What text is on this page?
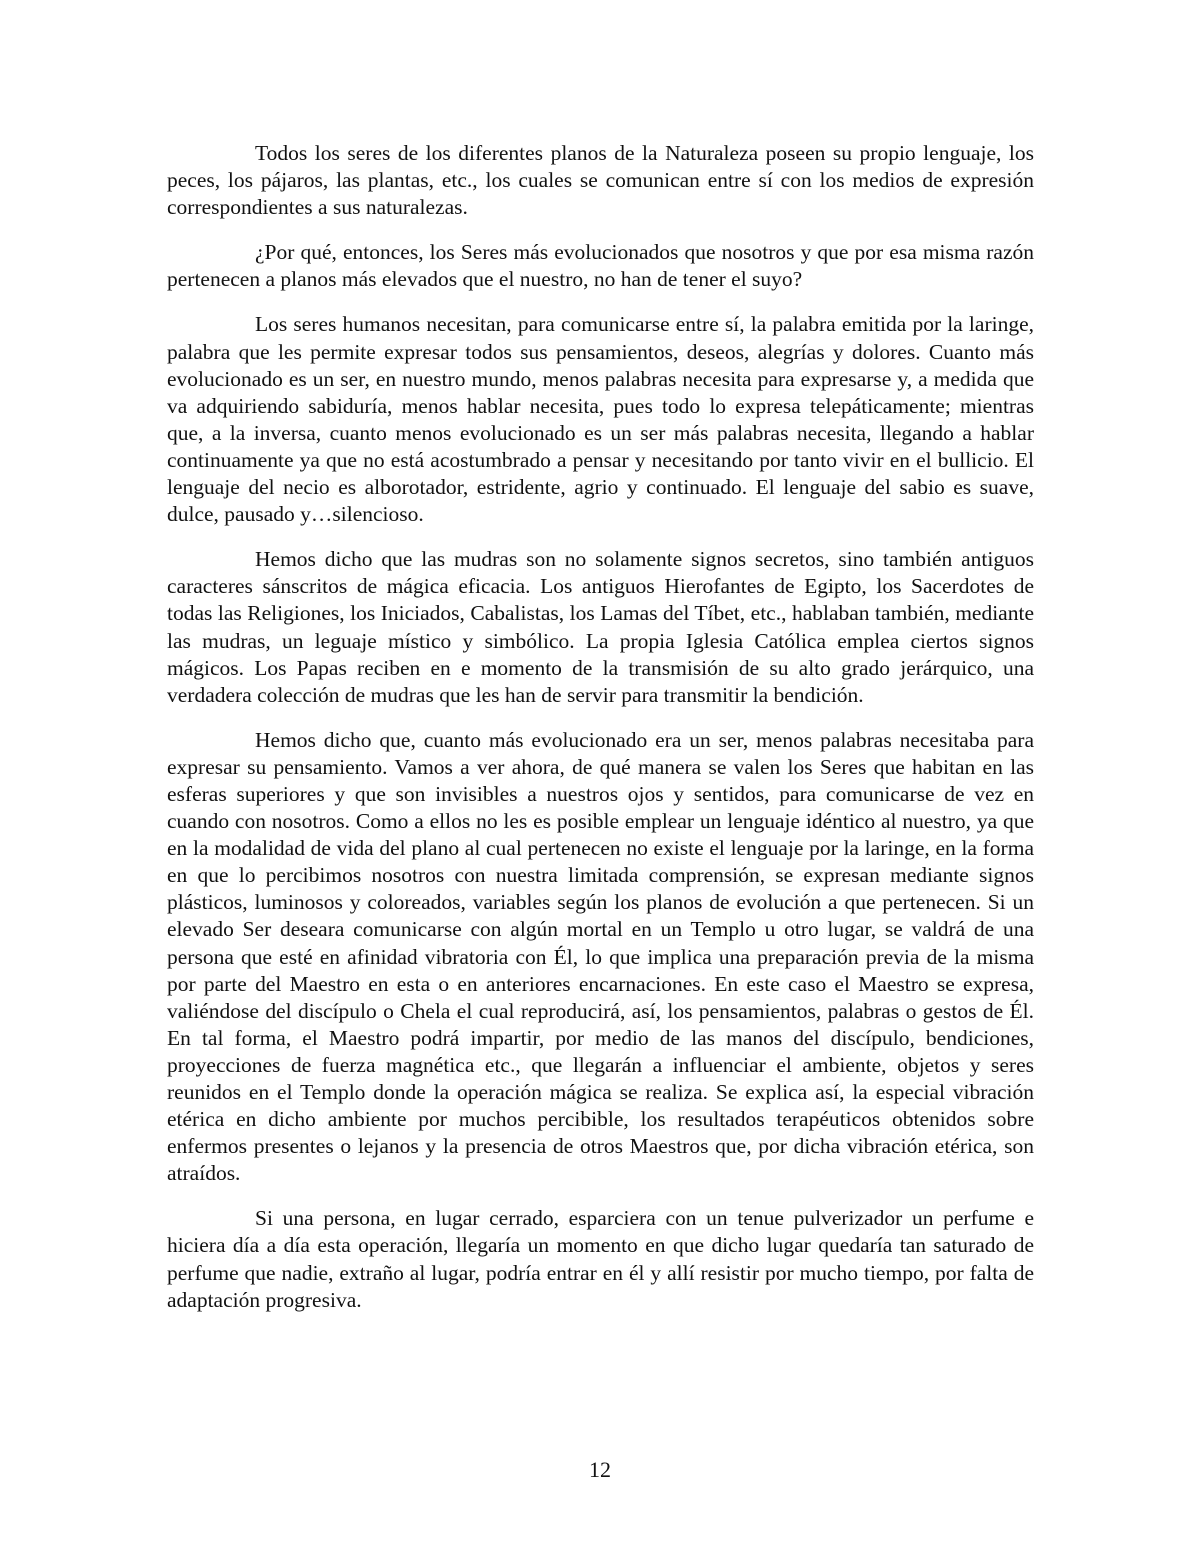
Todos los seres de los diferentes planos de la Naturaleza poseen su propio lenguaje, los peces, los pájaros, las plantas, etc., los cuales se comunican entre sí con los medios de expresión correspondientes a sus naturalezas.

¿Por qué, entonces, los Seres más evolucionados que nosotros y que por esa misma razón pertenecen a planos más elevados que el nuestro, no han de tener el suyo?

Los seres humanos necesitan, para comunicarse entre sí, la palabra emitida por la laringe, palabra que les permite expresar todos sus pensamientos, deseos, alegrías y dolores. Cuanto más evolucionado es un ser, en nuestro mundo, menos palabras necesita para expresarse y, a medida que va adquiriendo sabiduría, menos hablar necesita, pues todo lo expresa telepáticamente; mientras que, a la inversa, cuanto menos evolucionado es un ser más palabras necesita, llegando a hablar continuamente ya que no está acostumbrado a pensar y necesitando por tanto vivir en el bullicio. El lenguaje del necio es alborotador, estridente, agrio y continuado. El lenguaje del sabio es suave, dulce, pausado y…silencioso.

Hemos dicho que las mudras son no solamente signos secretos, sino también antiguos caracteres sánscritos de mágica eficacia. Los antiguos Hierofantes de Egipto, los Sacerdotes de todas las Religiones, los Iniciados, Cabalistas, los Lamas del Tíbet, etc., hablaban también, mediante las mudras, un leguaje místico y simbólico. La propia Iglesia Católica emplea ciertos signos mágicos. Los Papas reciben en e momento de la transmisión de su alto grado jerárquico, una verdadera colección de mudras que les han de servir para transmitir la bendición.

Hemos dicho que, cuanto más evolucionado era un ser, menos palabras necesitaba para expresar su pensamiento. Vamos a ver ahora, de qué manera se valen los Seres que habitan en las esferas superiores y que son invisibles a nuestros ojos y sentidos, para comunicarse de vez en cuando con nosotros. Como a ellos no les es posible emplear un lenguaje idéntico al nuestro, ya que en la modalidad de vida del plano al cual pertenecen no existe el lenguaje por la laringe, en la forma en que lo percibimos nosotros con nuestra limitada comprensión, se expresan mediante signos plásticos, luminosos y coloreados, variables según los planos de evolución a que pertenecen. Si un elevado Ser deseara comunicarse con algún mortal en un Templo u otro lugar, se valdrá de una persona que esté en afinidad vibratoria con Él, lo que implica una preparación previa de la misma por parte del Maestro en esta o en anteriores encarnaciones. En este caso el Maestro se expresa, valiéndose del discípulo o Chela el cual reproducirá, así, los pensamientos, palabras o gestos de Él. En tal forma, el Maestro podrá impartir, por medio de las manos del discípulo, bendiciones, proyecciones de fuerza magnética etc., que llegarán a influenciar el ambiente, objetos y seres reunidos en el Templo donde la operación mágica se realiza. Se explica así, la especial vibración etérica en dicho ambiente por muchos percibible, los resultados terapéuticos obtenidos sobre enfermos presentes o lejanos y la presencia de otros Maestros que, por dicha vibración etérica, son atraídos.

Si una persona, en lugar cerrado, esparciera con un tenue pulverizador un perfume e hiciera día a día esta operación, llegaría un momento en que dicho lugar quedaría tan saturado de perfume que nadie, extraño al lugar, podría entrar en él y allí resistir por mucho tiempo, por falta de adaptación progresiva.

12
